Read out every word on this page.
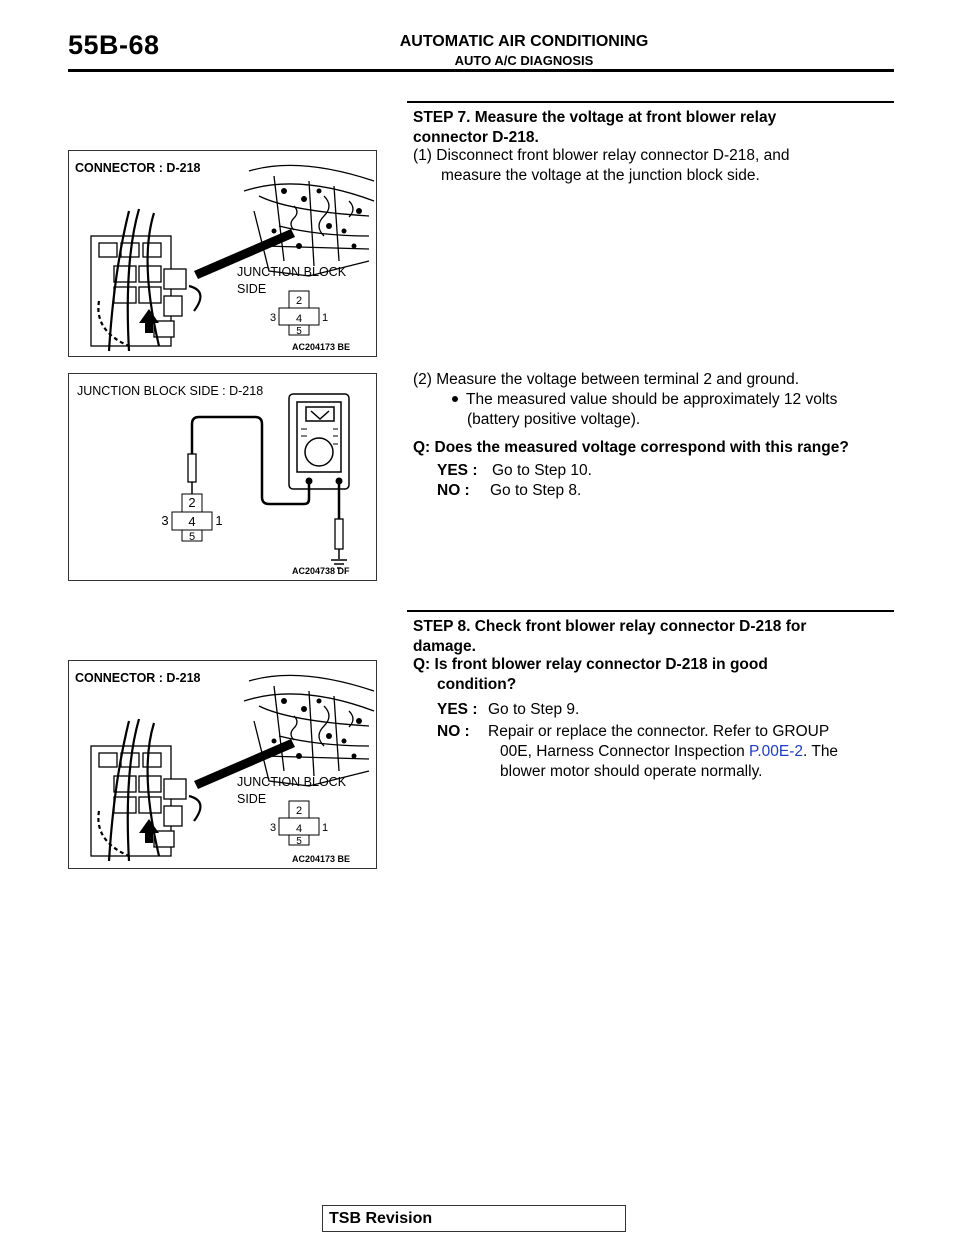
55B-68	AUTOMATIC AIR CONDITIONING
AUTO A/C DIAGNOSIS
STEP 7. Measure the voltage at front blower relay
connector D-218.
(1) Disconnect front blower relay connector D-218, and
measure the voltage at the junction block side.
(2) Measure the voltage between terminal 2 and ground.
The measured value should be approximately 12 volts
(battery positive voltage).
Q: Does the measured voltage correspond with this range?
YES : Go to Step 10.
NO : Go to Step 8.
STEP 8. Check front blower relay connector D-218 for
damage.
Q: Is front blower relay connector D-218 in good
condition?
YES : Go to Step 9.
NO : Repair or replace the connector. Refer to GROUP
00E, Harness Connector Inspection P.00E-2. The
blower motor should operate normally.
2
3 4 1
5
CONNECTOR : D-218
JUNCTION BLOCK
SIDE
AC204173 BE
2
3 4 1
5
JUNCTION BLOCK SIDE : D-218
AC204738 DF
2
3 4 1
5
CONNECTOR : D-218
JUNCTION BLOCK
SIDE
AC204173 BE
TSB Revision
